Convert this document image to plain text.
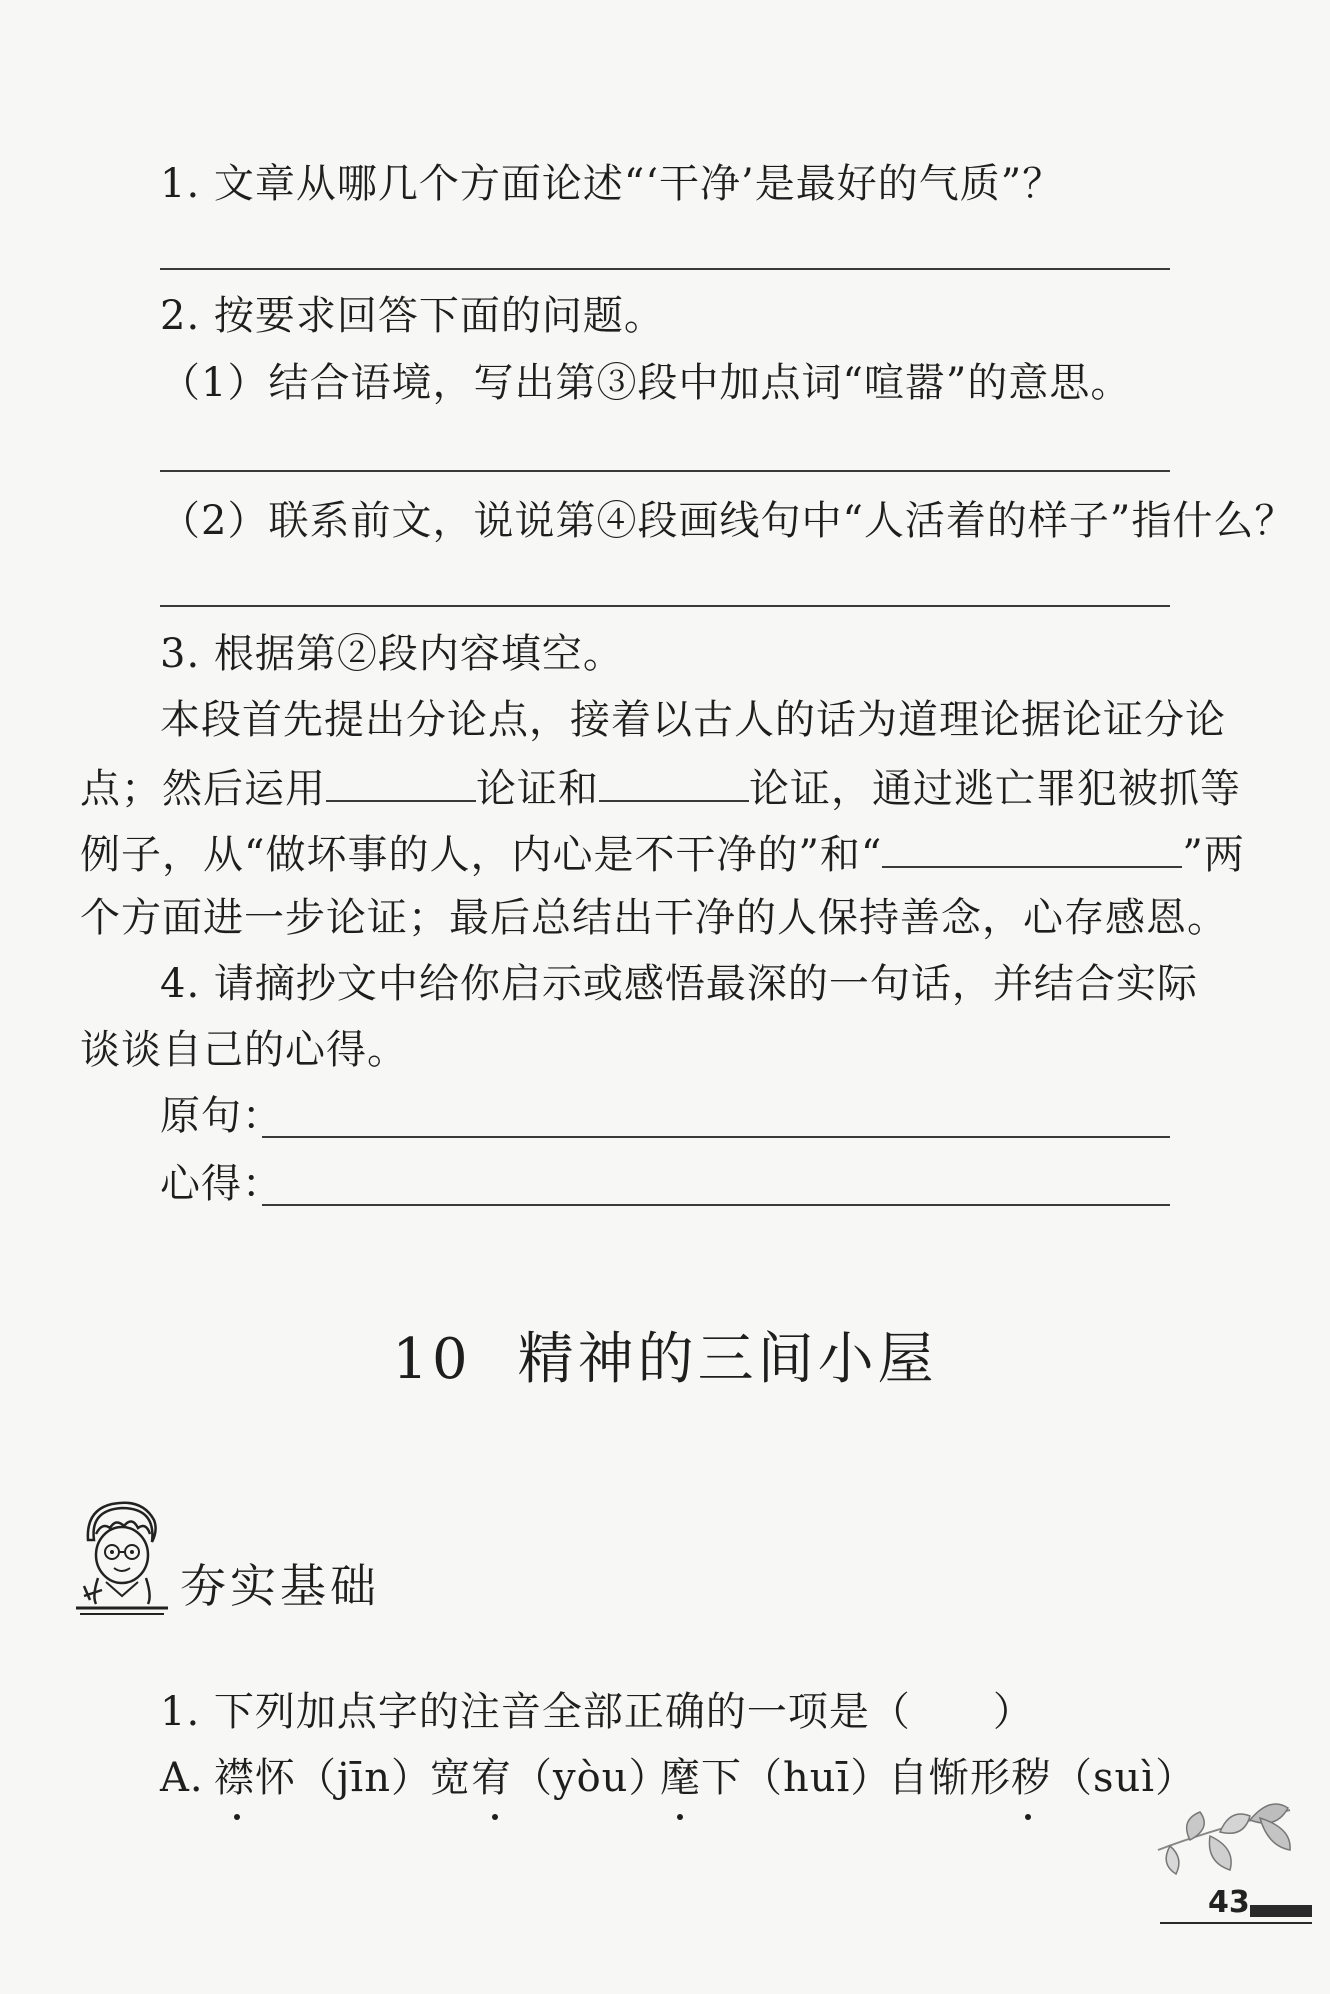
1. 文章从哪几个方面论述“‘干净’是最好的气质”？
2. 按要求回答下面的问题。
（1）结合语境，写出第③段中加点词“喧嚣”的意思。
（2）联系前文，说说第④段画线句中“人活着的样子”指什么？
3. 根据第②段内容填空。
本段首先提出分论点，接着以古人的话为道理论据论证分论
点；然后运用	论证和	论证，通过逃亡罪犯被抓等
例子，从“做坏事的人，内心是不干净的”和“	”两
个方面进一步论证；最后总结出干净的人保持善念，心存感恩。
4. 请摘抄文中给你启示或感悟最深的一句话，并结合实际
谈谈自己的心得。
原句：
心得：
10 精神的三间小屋
夯实基础
1. 下列加点字的注音全部正确的一项是（　　）
A. 襟怀（jīn）
宽宥（yòu）
麾下（huī）
自惭形秽（suì）
43
